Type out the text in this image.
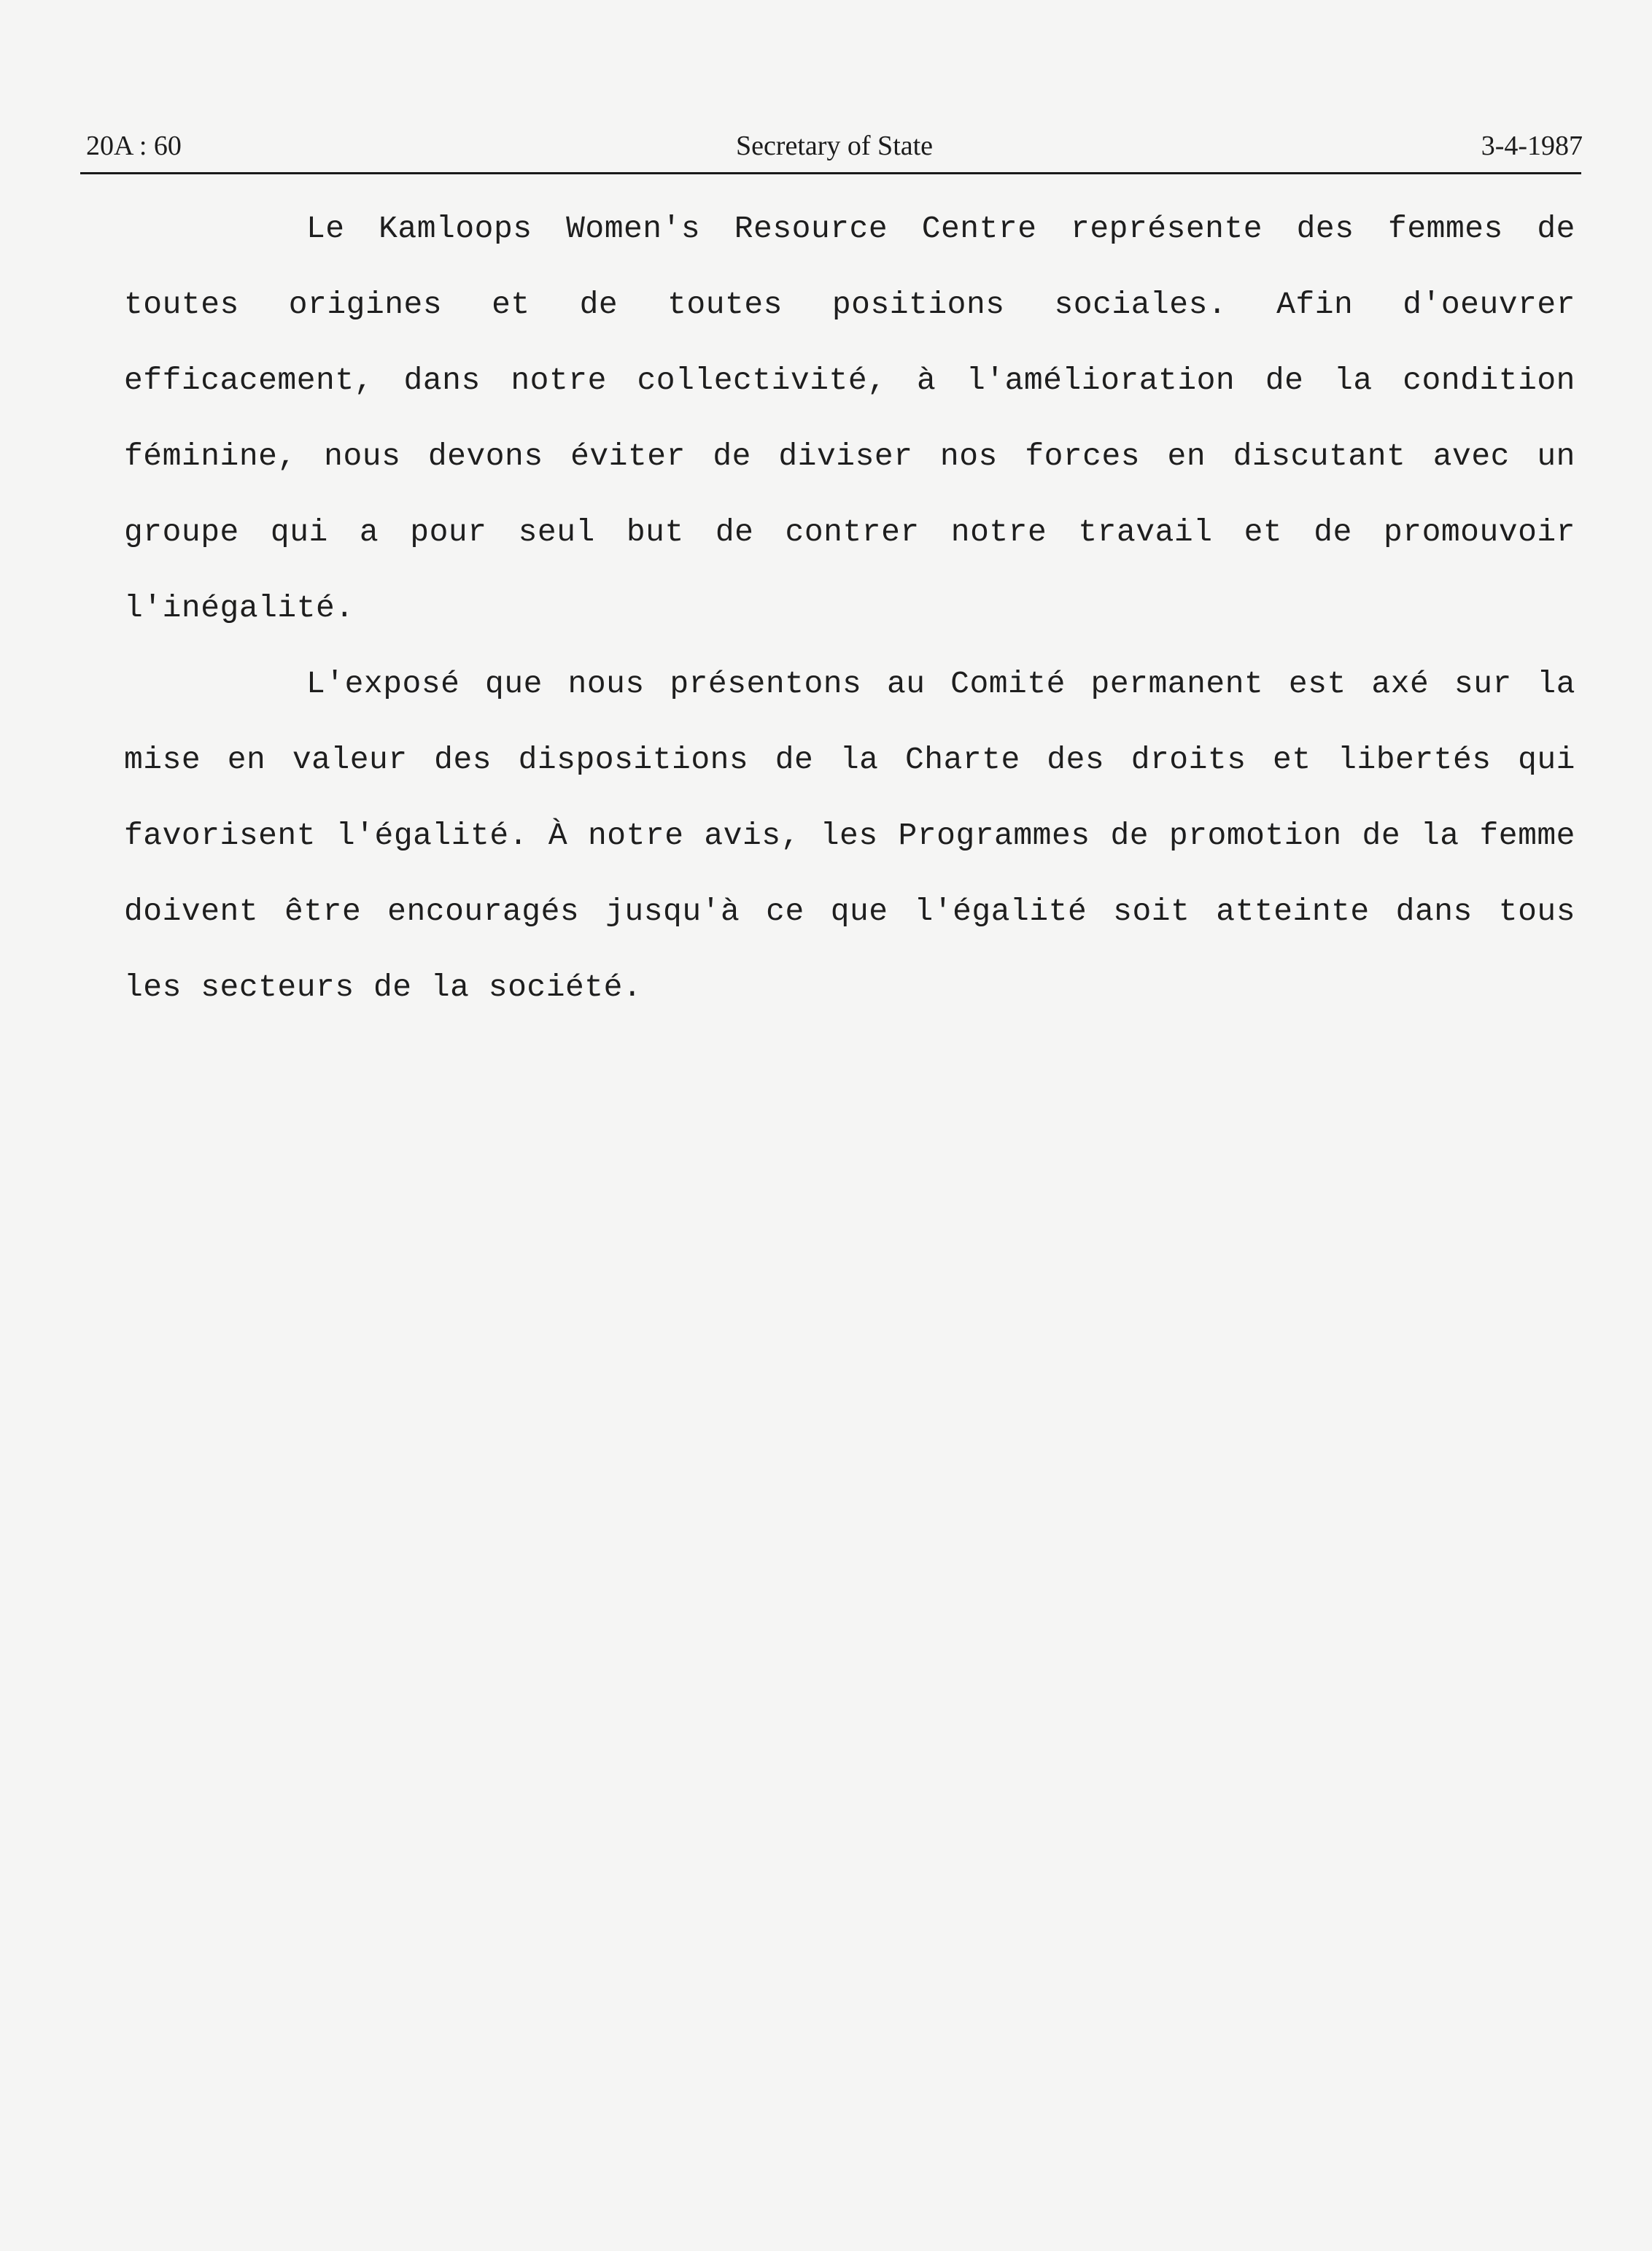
20A : 60	Secretary of State	3-4-1987

Le Kamloops Women's Resource Centre représente des femmes de toutes origines et de toutes positions sociales. Afin d'oeuvrer efficacement, dans notre collectivité, à l'amélioration de la condition féminine, nous devons éviter de diviser nos forces en discutant avec un groupe qui a pour seul but de contrer notre travail et de promouvoir l'inégalité.

L'exposé que nous présentons au Comité permanent est axé sur la mise en valeur des dispositions de la Charte des droits et libertés qui favorisent l'égalité. À notre avis, les Programmes de promotion de la femme doivent être encouragés jusqu'à ce que l'égalité soit atteinte dans tous les secteurs de la société.
